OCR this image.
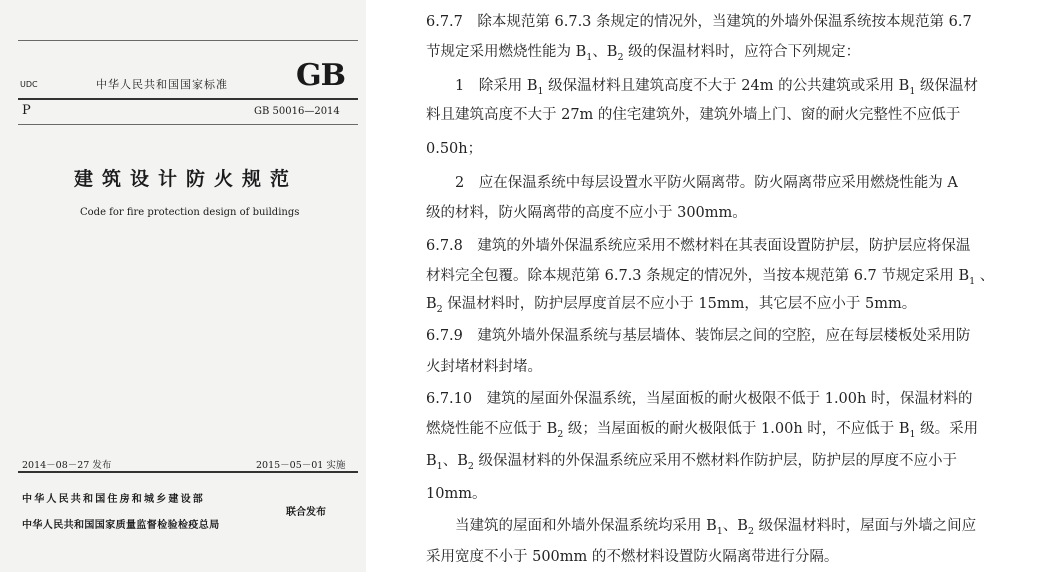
UDC	中华人民共和国国家标准 GB
P	GB 50016—2014
建筑设计防火规范
Code for fire protection design of buildings
2014－08－27 发布	2015－05－01 实施
中华人民共和国住房和城乡建设部
中华人民共和国国家质量监督检验检疫总局
联合发布
6.7.7　除本规范第 6.7.3 条规定的情况外，当建筑的外墙外保温系统按本规范第 6.7
节规定采用燃烧性能为 $B_1$、$B_2$ 级的保温材料时，应符合下列规定：
　　1　除采用 $B_1$ 级保温材料且建筑高度不大于 24m 的公共建筑或采用 $B_1$ 级保温材
料且建筑高度不大于 27m 的住宅建筑外，建筑外墙上门、窗的耐火完整性不应低于
0.50h；
　　2　应在保温系统中每层设置水平防火隔离带。防火隔离带应采用燃烧性能为 A
级的材料，防火隔离带的高度不应小于 300mm。
6.7.8　建筑的外墙外保温系统应采用不燃材料在其表面设置防护层，防护层应将保温
材料完全包覆。除本规范第 6.7.3 条规定的情况外，当按本规范第 6.7 节规定采用 $B_1$ 、
$B_2$ 保温材料时，防护层厚度首层不应小于 15mm，其它层不应小于 5mm。
6.7.9　建筑外墙外保温系统与基层墙体、装饰层之间的空腔，应在每层楼板处采用防
火封堵材料封堵。
6.7.10　建筑的屋面外保温系统，当屋面板的耐火极限不低于 1.00h 时，保温材料的
燃烧性能不应低于 $B_2$ 级；当屋面板的耐火极限低于 1.00h 时，不应低于 $B_1$ 级。采用
$B_1$、$B_2$ 级保温材料的外保温系统应采用不燃材料作防护层，防护层的厚度不应小于
10mm。
　　当建筑的屋面和外墙外保温系统均采用 $B_1$、$B_2$ 级保温材料时，屋面与外墙之间应
采用宽度不小于 500mm 的不燃材料设置防火隔离带进行分隔。
